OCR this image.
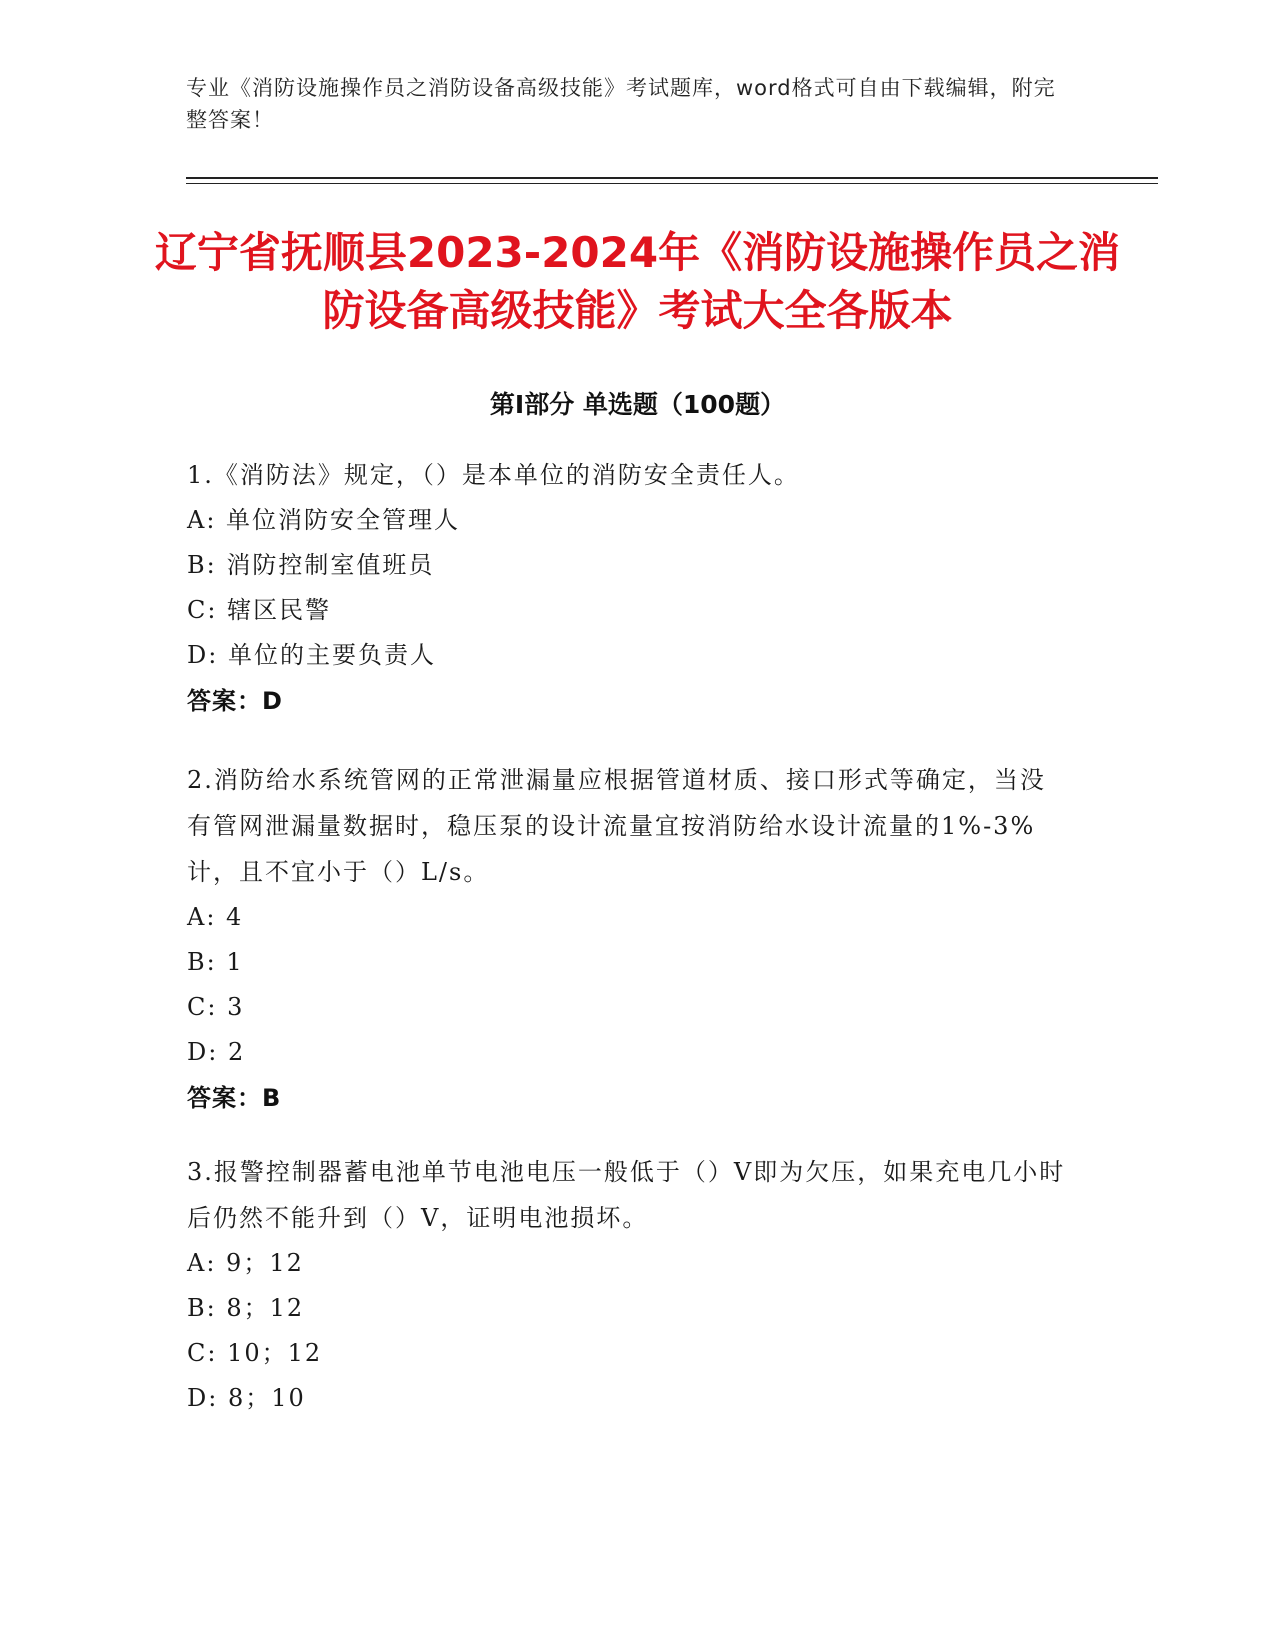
专业《消防设施操作员之消防设备高级技能》考试题库，word格式可自由下载编辑，附完整答案！
辽宁省抚顺县2023-2024年《消防设施操作员之消防设备高级技能》考试大全各版本
第Ⅰ部分 单选题（100题）
1.《消防法》规定，（）是本单位的消防安全责任人。
A: 单位消防安全管理人
B: 消防控制室值班员
C: 辖区民警
D: 单位的主要负责人
答案：D
2.消防给水系统管网的正常泄漏量应根据管道材质、接口形式等确定，当没有管网泄漏量数据时，稳压泵的设计流量宜按消防给水设计流量的1%-3%计，且不宜小于（）L/s。
A: 4
B: 1
C: 3
D: 2
答案：B
3.报警控制器蓄电池单节电池电压一般低于（）V即为欠压，如果充电几小时后仍然不能升到（）V，证明电池损坏。
A: 9；12
B: 8；12
C: 10；12
D: 8；10
